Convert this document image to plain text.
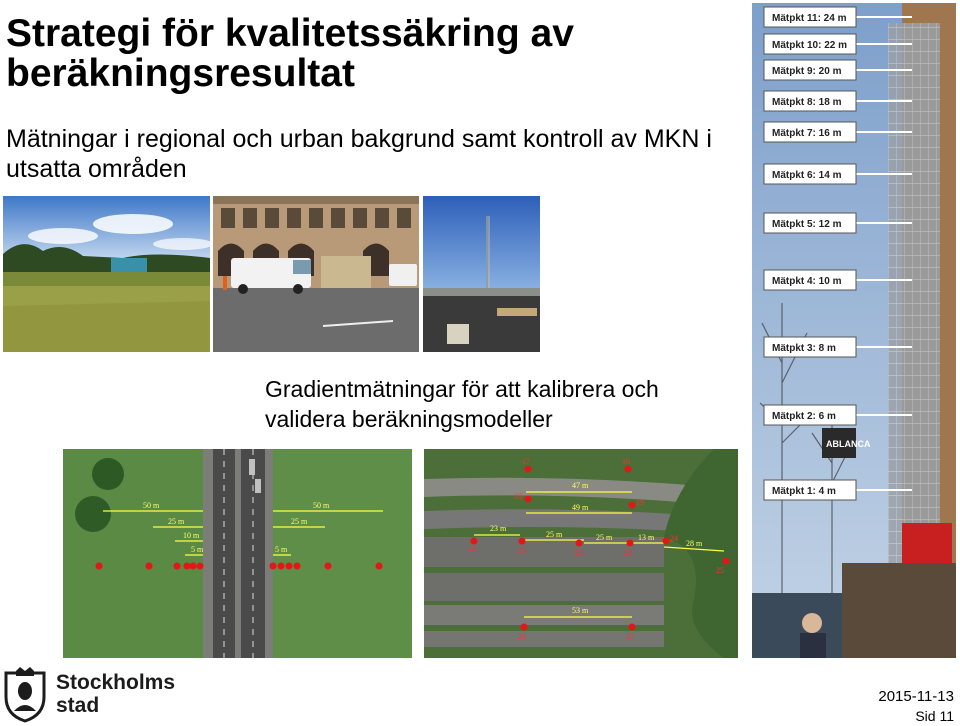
Strategi för kvalitetssäkring av beräkningsresultat
Mätningar i regional och urban bakgrund samt kontroll av MKN i utsatta områden
Gradientmätningar för att kalibrera och validera beräkningsmodeller
50 m
25 m
10 m
5 m	5 m
25 m
50 m
47 m
49 m
23 m
25 m	25 m	13 m
28 m
53 m
17	16
18
19
20	21	22	23
24
25
26	27
ABLANCA
Mätpkt 11: 24 m
Mätpkt 10: 22 m
Mätpkt 9: 20 m
Mätpkt 8: 18 m
Mätpkt 7: 16 m
Mätpkt 6: 14 m
Mätpkt 5: 12 m
Mätpkt 4: 10 m
Mätpkt 3: 8 m
Mätpkt 2: 6 m
Mätpkt 1: 4 m
Stockholms
stad	2015-11-13
Sid 11
